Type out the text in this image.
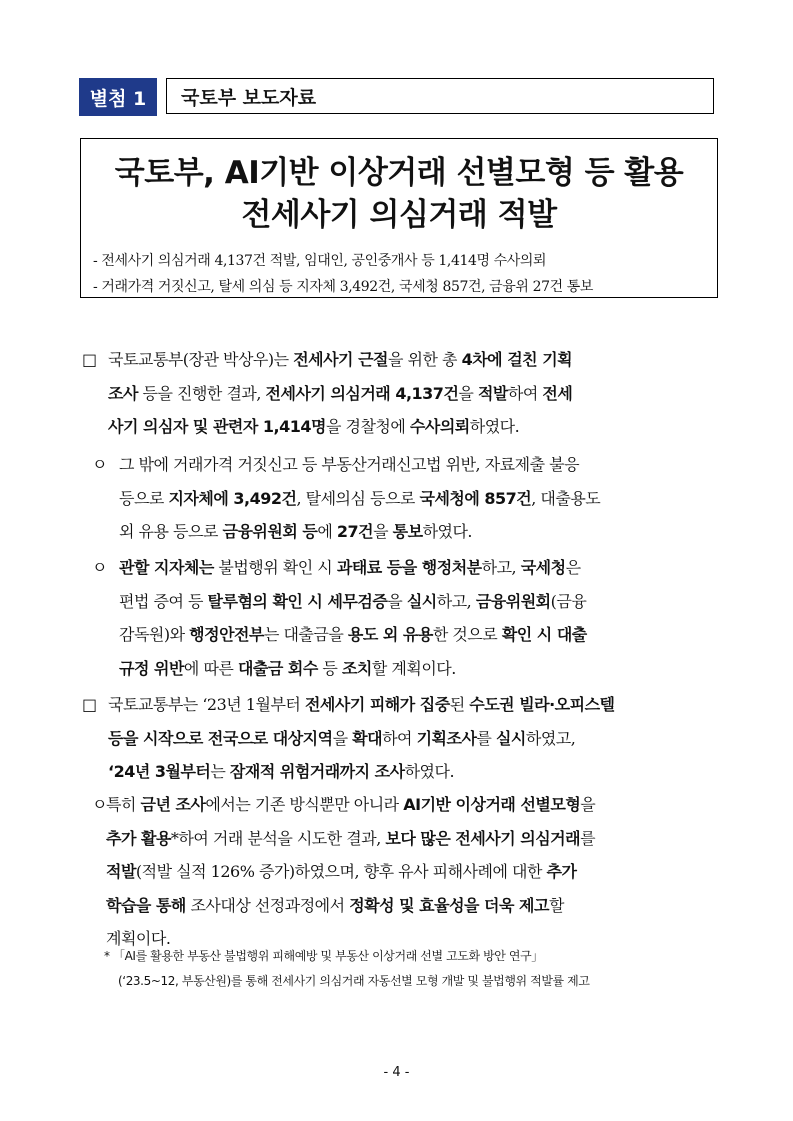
별첨 1	국토부 보도자료
국토부, AI기반 이상거래 선별모형 등 활용
전세사기 의심거래 적발
- 전세사기 의심거래 4,137건 적발, 임대인, 공인중개사 등 1,414명 수사의뢰
- 거래가격 거짓신고, 탈세 의심 등 지자체 3,492건, 국세청 857건, 금융위 27건 통보
□ 국토교통부(장관 박상우)는 전세사기 근절을 위한 총 4차에 걸친 기획
조사 등을 진행한 결과, 전세사기 의심거래 4,137건을 적발하여 전세
사기 의심자 및 관련자 1,414명을 경찰청에 수사의뢰하였다.
ㅇ 그 밖에 거래가격 거짓신고 등 부동산거래신고법 위반, 자료제출 불응
등으로 지자체에 3,492건, 탈세의심 등으로 국세청에 857건, 대출용도
외 유용 등으로 금융위원회 등에 27건을 통보하였다.
ㅇ 관할 지자체는 불법행위 확인 시 과태료 등을 행정처분하고, 국세청은
편법 증여 등 탈루혐의 확인 시 세무검증을 실시하고, 금융위원회(금융
감독원)와 행정안전부는 대출금을 용도 외 유용한 것으로 확인 시 대출
규정 위반에 따른 대출금 회수 등 조치할 계획이다.
□ 국토교통부는 ‘23년 1월부터 전세사기 피해가 집중된 수도권 빌라·오피스텔
등을 시작으로 전국으로 대상지역을 확대하여 기획조사를 실시하였고,
‘24년 3월부터는 잠재적 위험거래까지 조사하였다.
ㅇ 특히 금년 조사에서는 기존 방식뿐만 아니라 AI기반 이상거래 선별모형을
추가 활용*하여 거래 분석을 시도한 결과, 보다 많은 전세사기 의심거래를
적발(적발 실적 126% 증가)하였으며, 향후 유사 피해사례에 대한 추가
학습을 통해 조사대상 선정과정에서 정확성 및 효율성을 더욱 제고할
계획이다.
* 「AI를 활용한 부동산 불법행위 피해예방 및 부동산 이상거래 선별 고도화 방안 연구」
(‘23.5~12, 부동산원)를 통해 전세사기 의심거래 자동선별 모형 개발 및 불법행위 적발률 제고
- 4 -
